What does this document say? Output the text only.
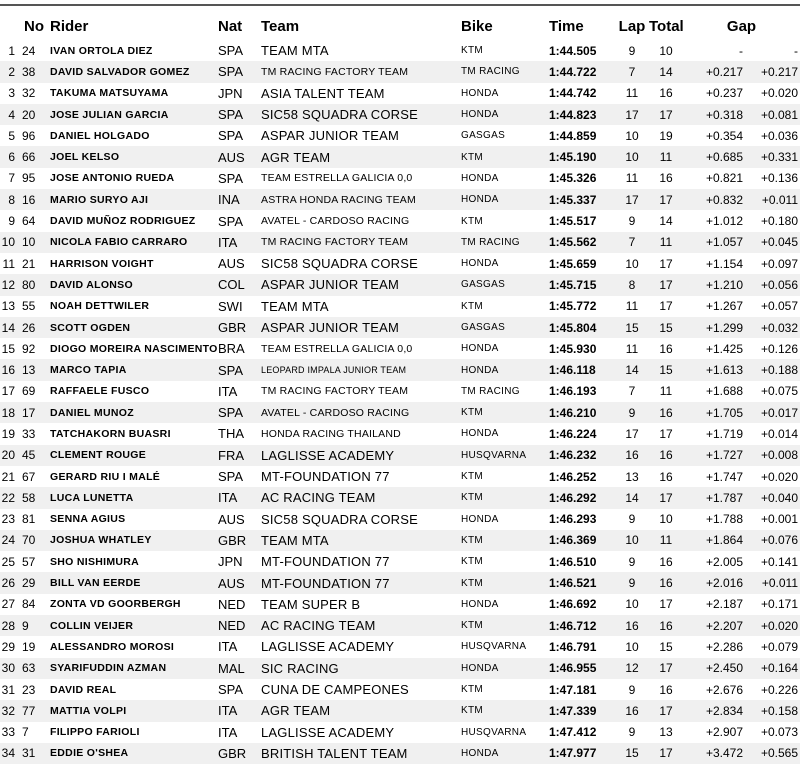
	No	Rider	Nat	Team	Bike	Time	Lap	Total	Gap	
1	24	IVAN ORTOLA DIEZ	SPA	TEAM MTA	KTM	1:44.505	9	10	-	-
2	38	DAVID SALVADOR GOMEZ	SPA	TM RACING FACTORY TEAM	TM RACING	1:44.722	7	14	+0.217	+0.217
3	32	TAKUMA MATSUYAMA	JPN	ASIA TALENT TEAM	HONDA	1:44.742	11	16	+0.237	+0.020
4	20	JOSE JULIAN GARCIA	SPA	SIC58 SQUADRA CORSE	HONDA	1:44.823	17	17	+0.318	+0.081
5	96	DANIEL HOLGADO	SPA	ASPAR JUNIOR TEAM	GASGAS	1:44.859	10	19	+0.354	+0.036
6	66	JOEL KELSO	AUS	AGR TEAM	KTM	1:45.190	10	11	+0.685	+0.331
7	95	JOSE ANTONIO RUEDA	SPA	TEAM ESTRELLA GALICIA 0,0	HONDA	1:45.326	11	16	+0.821	+0.136
8	16	MARIO SURYO AJI	INA	ASTRA HONDA RACING TEAM	HONDA	1:45.337	17	17	+0.832	+0.011
9	64	DAVID MUÑOZ RODRIGUEZ	SPA	AVATEL - CARDOSO RACING	KTM	1:45.517	9	14	+1.012	+0.180
10	10	NICOLA FABIO CARRARO	ITA	TM RACING FACTORY TEAM	TM RACING	1:45.562	7	11	+1.057	+0.045
11	21	HARRISON VOIGHT	AUS	SIC58 SQUADRA CORSE	HONDA	1:45.659	10	17	+1.154	+0.097
12	80	DAVID ALONSO	COL	ASPAR JUNIOR TEAM	GASGAS	1:45.715	8	17	+1.210	+0.056
13	55	NOAH DETTWILER	SWI	TEAM MTA	KTM	1:45.772	11	17	+1.267	+0.057
14	26	SCOTT OGDEN	GBR	ASPAR JUNIOR TEAM	GASGAS	1:45.804	15	15	+1.299	+0.032
15	92	DIOGO MOREIRA NASCIMENTO	BRA	TEAM ESTRELLA GALICIA 0,0	HONDA	1:45.930	11	16	+1.425	+0.126
16	13	MARCO TAPIA	SPA	LEOPARD IMPALA JUNIOR TEAM	HONDA	1:46.118	14	15	+1.613	+0.188
17	69	RAFFAELE FUSCO	ITA	TM RACING FACTORY TEAM	TM RACING	1:46.193	7	11	+1.688	+0.075
18	17	DANIEL MUNOZ	SPA	AVATEL - CARDOSO RACING	KTM	1:46.210	9	16	+1.705	+0.017
19	33	TATCHAKORN BUASRI	THA	HONDA RACING THAILAND	HONDA	1:46.224	17	17	+1.719	+0.014
20	45	CLEMENT ROUGE	FRA	LAGLISSE ACADEMY	HUSQVARNA	1:46.232	16	16	+1.727	+0.008
21	67	GERARD RIU I MALÉ	SPA	MT-FOUNDATION 77	KTM	1:46.252	13	16	+1.747	+0.020
22	58	LUCA LUNETTA	ITA	AC RACING TEAM	KTM	1:46.292	14	17	+1.787	+0.040
23	81	SENNA AGIUS	AUS	SIC58 SQUADRA CORSE	HONDA	1:46.293	9	10	+1.788	+0.001
24	70	JOSHUA WHATLEY	GBR	TEAM MTA	KTM	1:46.369	10	11	+1.864	+0.076
25	57	SHO NISHIMURA	JPN	MT-FOUNDATION 77	KTM	1:46.510	9	16	+2.005	+0.141
26	29	BILL VAN EERDE	AUS	MT-FOUNDATION 77	KTM	1:46.521	9	16	+2.016	+0.011
27	84	ZONTA VD GOORBERGH	NED	TEAM SUPER B	HONDA	1:46.692	10	17	+2.187	+0.171
28	9	COLLIN VEIJER	NED	AC RACING TEAM	KTM	1:46.712	16	16	+2.207	+0.020
29	19	ALESSANDRO MOROSI	ITA	LAGLISSE ACADEMY	HUSQVARNA	1:46.791	10	15	+2.286	+0.079
30	63	SYARIFUDDIN AZMAN	MAL	SIC RACING	HONDA	1:46.955	12	17	+2.450	+0.164
31	23	DAVID REAL	SPA	CUNA DE CAMPEONES	KTM	1:47.181	9	16	+2.676	+0.226
32	77	MATTIA VOLPI	ITA	AGR TEAM	KTM	1:47.339	16	17	+2.834	+0.158
33	7	FILIPPO FARIOLI	ITA	LAGLISSE ACADEMY	HUSQVARNA	1:47.412	9	13	+2.907	+0.073
34	31	EDDIE O'SHEA	GBR	BRITISH TALENT TEAM	HONDA	1:47.977	15	17	+3.472	+0.565
